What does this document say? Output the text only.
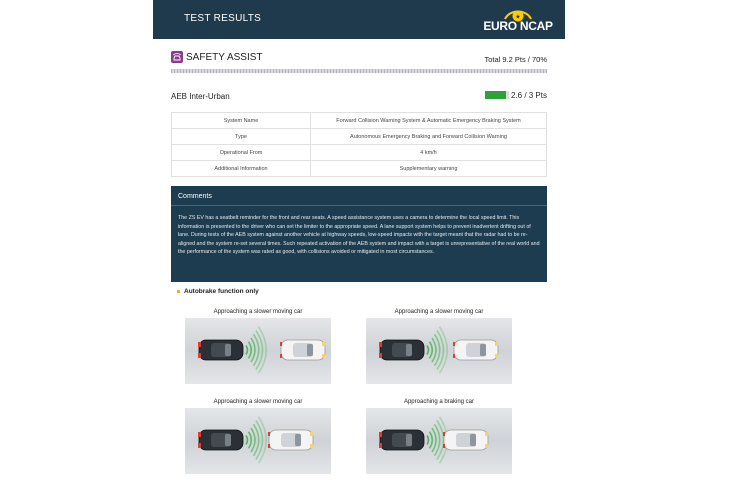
TEST RESULTS	★
EURO NCAP
SAFETY ASSIST	Total 9.2 Pts / 70%
AEB Inter-Urban	2.6 / 3 Pts
System Name	Forward Collision Warning System & Automatic Emergency Braking System
Type	Autonomous Emergency Braking and Forward Collision Warning
Operational From	4 km/h
Additional Information	Supplementary warning
Comments
The ZS EV has a seatbelt reminder for the front and rear seats. A speed assistance system uses a camera to determine the local speed limit. This information is presented to the driver who can set the limiter to the appropriate speed. A lane support system helps to prevent inadvertent drifting out of lane. During tests of the AEB system against another vehicle at highway speeds, low-speed impacts with the target meant that the radar had to be re-aligned and the system re-set several times. Such repeated activation of the AEB system and impact with a target is unrepresentative of the real world and the performance of the system was rated as good, with collisions avoided or mitigated in most circumstances.
Autobrake function only
Approaching a slower moving car	Approaching a slower moving car
Approaching a slower moving car	Approaching a braking car
